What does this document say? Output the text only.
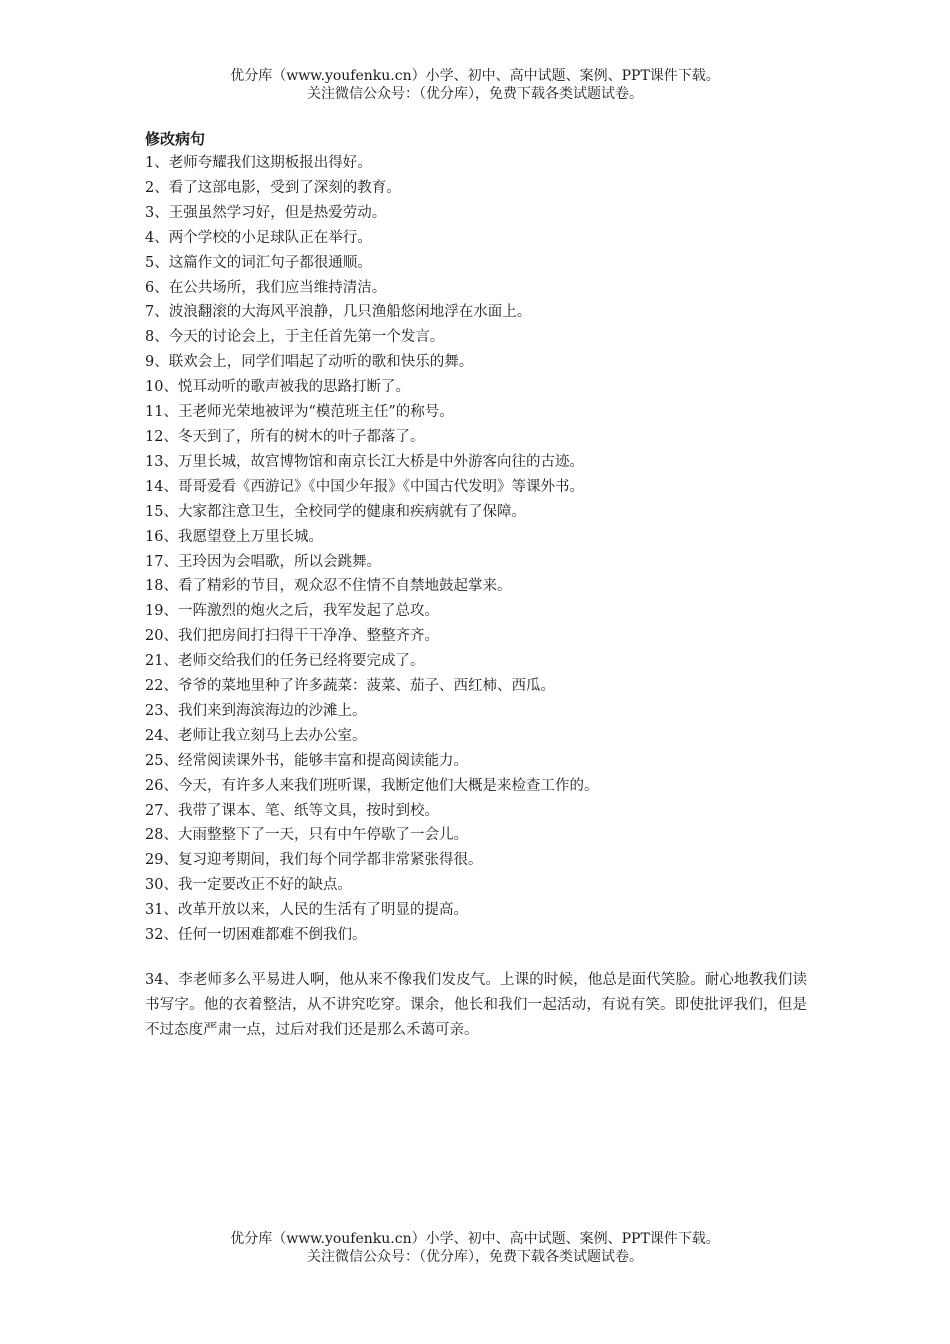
优分库（www.youfenku.cn）小学、初中、高中试题、案例、PPT课件下载。
关注微信公众号：（优分库），免费下载各类试题试卷。
修改病句
1、老师夸耀我们这期板报出得好。
2、看了这部电影，受到了深刻的教育。
3、王强虽然学习好，但是热爱劳动。
4、两个学校的小足球队正在举行。
5、这篇作文的词汇句子都很通顺。
6、在公共场所，我们应当维持清洁。
7、波浪翻滚的大海风平浪静，几只渔船悠闲地浮在水面上。
8、今天的讨论会上，于主任首先第一个发言。
9、联欢会上，同学们唱起了动听的歌和快乐的舞。
10、悦耳动听的歌声被我的思路打断了。
11、王老师光荣地被评为“模范班主任”的称号。
12、冬天到了，所有的树木的叶子都落了。
13、万里长城，故宫博物馆和南京长江大桥是中外游客向往的古迹。
14、哥哥爱看《西游记》《中国少年报》《中国古代发明》等课外书。
15、大家都注意卫生，全校同学的健康和疾病就有了保障。
16、我愿望登上万里长城。
17、王玲因为会唱歌，所以会跳舞。
18、看了精彩的节目，观众忍不住情不自禁地鼓起掌来。
19、一阵激烈的炮火之后，我军发起了总攻。
20、我们把房间打扫得干干净净、整整齐齐。
21、老师交给我们的任务已经将要完成了。
22、爷爷的菜地里种了许多蔬菜：菠菜、茄子、西红柿、西瓜。
23、我们来到海滨海边的沙滩上。
24、老师让我立刻马上去办公室。
25、经常阅读课外书，能够丰富和提高阅读能力。
26、今天，有许多人来我们班听课，我断定他们大概是来检查工作的。
27、我带了课本、笔、纸等文具，按时到校。
28、大雨整整下了一天，只有中午停歇了一会儿。
29、复习迎考期间，我们每个同学都非常紧张得很。
30、我一定要改正不好的缺点。
31、改革开放以来，人民的生活有了明显的提高。
32、任何一切困难都难不倒我们。

34、李老师多么平易进人啊，他从来不像我们发皮气。上课的时候，他总是面代笑脸。耐心地教我们读书写字。他的衣着整洁，从不讲究吃穿。课余，他长和我们一起活动，有说有笑。即使批评我们，但是不过态度严肃一点，过后对我们还是那么禾蔼可亲。

优分库（www.youfenku.cn）小学、初中、高中试题、案例、PPT课件下载。
关注微信公众号：（优分库），免费下载各类试题试卷。
